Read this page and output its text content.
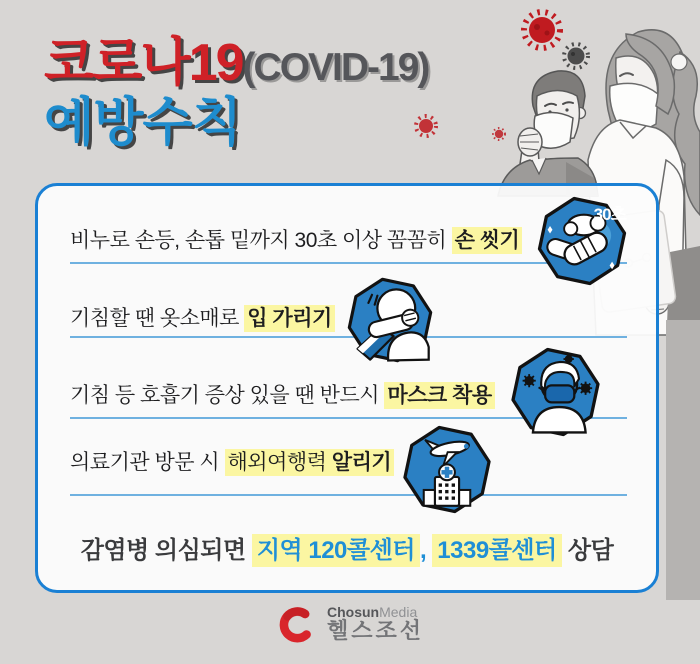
코로나19(COVID-19)
예방수칙
비누로 손등, 손톱 밑까지 30초 이상 꼼꼼히 손 씻기
기침할 땐 옷소매로 입 가리기
기침 등 호흡기 증상 있을 땐 반드시 마스크 착용
의료기관 방문 시 해외여행력 알리기
감염병 의심되면 지역 120콜센터 , 1339콜센터 상담
30초
ChosunMedia
헬스조선
